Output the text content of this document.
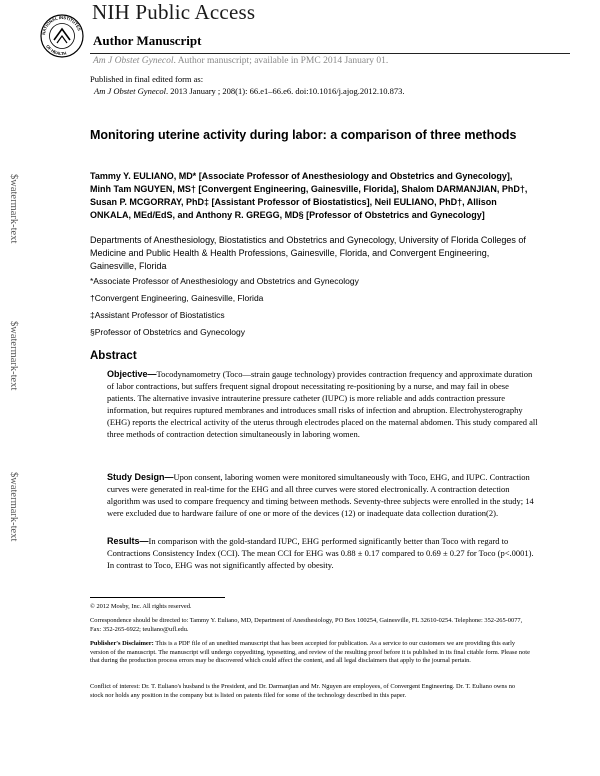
NATIONAL INSTITUTES
OF HEALTH
NIH Public Access
Author Manuscript
Am J Obstet Gynecol. Author manuscript; available in PMC 2014 January 01.
Published in final edited form as:
Am J Obstet Gynecol. 2013 January ; 208(1): 66.e1–66.e6. doi:10.1016/j.ajog.2012.10.873.
$watermark-text
$watermark-text
$watermark-text
Monitoring uterine activity during labor: a comparison of three methods
Tammy Y. EULIANO, MD* [Associate Professor of Anesthesiology and Obstetrics and Gynecology], Minh Tam NGUYEN, MS† [Convergent Engineering, Gainesville, Florida], Shalom DARMANJIAN, PhD†, Susan P. MCGORRAY, PhD‡ [Assistant Professor of Biostatistics], Neil EULIANO, PhD†, Allison ONKALA, MEd/EdS, and Anthony R. GREGG, MD§ [Professor of Obstetrics and Gynecology]
Departments of Anesthesiology, Biostatistics and Obstetrics and Gynecology, University of Florida Colleges of Medicine and Public Health & Health Professions, Gainesville, Florida, and Convergent Engineering, Gainesville, Florida
*Associate Professor of Anesthesiology and Obstetrics and Gynecology
†Convergent Engineering, Gainesville, Florida
‡Assistant Professor of Biostatistics
§Professor of Obstetrics and Gynecology
Abstract
Objective—Tocodynamometry (Toco—strain gauge technology) provides contraction frequency and approximate duration of labor contractions, but suffers frequent signal dropout necessitating re-positioning by a nurse, and may fail in obese patients. The alternative invasive intrauterine pressure catheter (IUPC) is more reliable and adds contraction pressure information, but requires ruptured membranes and introduces small risks of infection and abruption. Electrohysterography (EHG) reports the electrical activity of the uterus through electrodes placed on the maternal abdomen. This study compared all three methods of contraction detection simultaneously in laboring women.
Study Design—Upon consent, laboring women were monitored simultaneously with Toco, EHG, and IUPC. Contraction curves were generated in real-time for the EHG and all three curves were stored electronically. A contraction detection algorithm was used to compare frequency and timing between methods. Seventy-three subjects were enrolled in the study; 14 were excluded due to hardware failure of one or more of the devices (12) or inadequate data collection duration(2).
Results—In comparison with the gold-standard IUPC, EHG performed significantly better than Toco with regard to Contractions Consistency Index (CCI). The mean CCI for EHG was 0.88 ± 0.17 compared to 0.69 ± 0.27 for Toco (p<.0001). In contrast to Toco, EHG was not significantly affected by obesity.
© 2012 Mosby, Inc. All rights reserved.
Correspondence should be directed to: Tammy Y. Euliano, MD, Department of Anesthesiology, PO Box 100254, Gainesville, FL 32610-0254. Telephone: 352-265-0077, Fax: 352-265-6922; teuliano@ufl.edu.
Publisher's Disclaimer: This is a PDF file of an unedited manuscript that has been accepted for publication. As a service to our customers we are providing this early version of the manuscript. The manuscript will undergo copyediting, typesetting, and review of the resulting proof before it is published in its final citable form. Please note that during the production process errors may be discovered which could affect the content, and all legal disclaimers that apply to the journal pertain.
Conflict of interest: Dr. T. Euliano's husband is the President, and Dr. Darmanjian and Mr. Nguyen are employees, of Convergent Engineering. Dr. T. Euliano owns no stock nor holds any position in the company but is listed on patents filed for some of the technology described in this paper.
